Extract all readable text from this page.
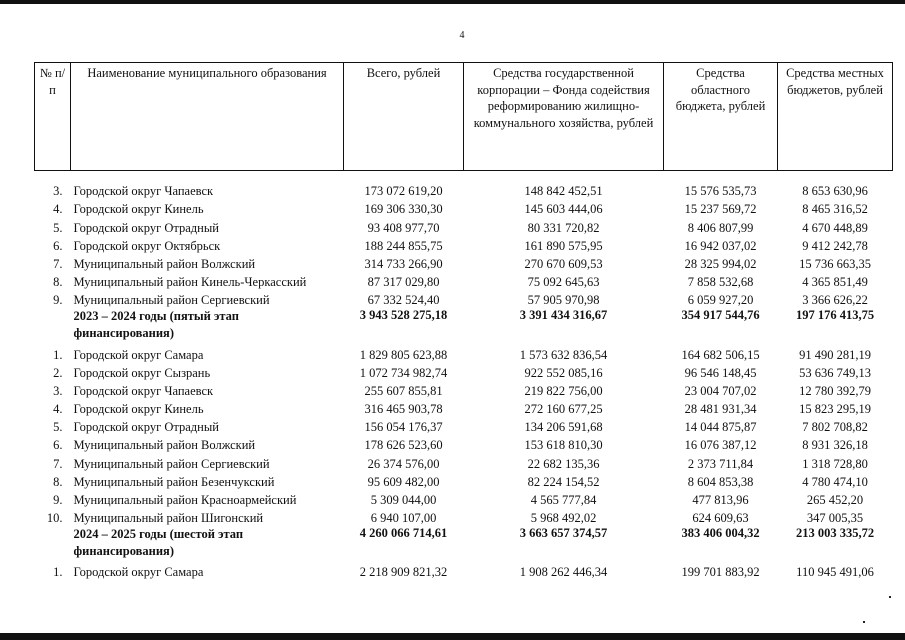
4
№ п/п	Наименование муниципального образования	Всего, рублей	Средства государственной корпорации – Фонда содействия реформированию жилищно-коммунального хозяйства, рублей	Средства областного бюджета, рублей	Средства местных бюджетов, рублей

3.	Городской округ Чапаевск	173 072 619,20	148 842 452,51	15 576 535,73	8 653 630,96
4.	Городской округ Кинель	169 306 330,30	145 603 444,06	15 237 569,72	8 465 316,52
5.	Городской округ Отрадный	93 408 977,70	80 331 720,82	8 406 807,99	4 670 448,89
6.	Городской округ Октябрьск	188 244 855,75	161 890 575,95	16 942 037,02	9 412 242,78
7.	Муниципальный район Волжский	314 733 266,90	270 670 609,53	28 325 994,02	15 736 663,35
8.	Муниципальный район Кинель-Черкасский	87 317 029,80	75 092 645,63	7 858 532,68	4 365 851,49
9.	Муниципальный район Сергиевский	67 332 524,40	57 905 970,98	6 059 927,20	3 366 626,22
	2023 – 2024 годы (пятый этап финансирования)	3 943 528 275,18	3 391 434 316,67	354 917 544,76	197 176 413,75
1.	Городской округ Самара	1 829 805 623,88	1 573 632 836,54	164 682 506,15	91 490 281,19
2.	Городской округ Сызрань	1 072 734 982,74	922 552 085,16	96 546 148,45	53 636 749,13
3.	Городской округ Чапаевск	255 607 855,81	219 822 756,00	23 004 707,02	12 780 392,79
4.	Городской округ Кинель	316 465 903,78	272 160 677,25	28 481 931,34	15 823 295,19
5.	Городской округ Отрадный	156 054 176,37	134 206 591,68	14 044 875,87	7 802 708,82
6.	Муниципальный район Волжский	178 626 523,60	153 618 810,30	16 076 387,12	8 931 326,18
7.	Муниципальный район Сергиевский	26 374 576,00	22 682 135,36	2 373 711,84	1 318 728,80
8.	Муниципальный район Безенчукский	95 609 482,00	82 224 154,52	8 604 853,38	4 780 474,10
9.	Муниципальный район Красноармейский	5 309 044,00	4 565 777,84	477 813,96	265 452,20
10.	Муниципальный район Шигонский	6 940 107,00	5 968 492,02	624 609,63	347 005,35
	2024 – 2025 годы (шестой этап финансирования)	4 260 066 714,61	3 663 657 374,57	383 406 004,32	213 003 335,72
1.	Городской округ Самара	2 218 909 821,32	1 908 262 446,34	199 701 883,92	110 945 491,06
